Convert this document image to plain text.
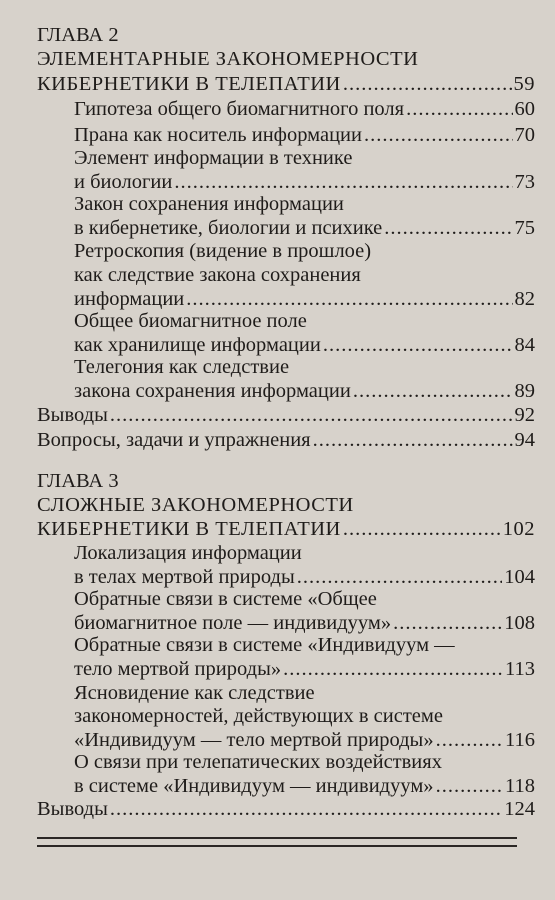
ГЛАВА 2
ЭЛЕМЕНТАРНЫЕ ЗАКОНОМЕРНОСТИ
КИБЕРНЕТИКИ В ТЕЛЕПАТИИ .....	59
Гипотеза общего биомагнитного поля .....	60
Прана как носитель информации .....	70
Элемент информации в технике
и биологии .....	73
Закон сохранения информации
в кибернетике, биологии и психике .....	75
Ретроскопия (видение в прошлое)
как следствие закона сохранения
информации .....	82
Общее биомагнитное поле
как хранилище информации .....	84
Телегония как следствие
закона сохранения информации .....	89
Выводы .....	92
Вопросы, задачи и упражнения .....	94
ГЛАВА 3
СЛОЖНЫЕ ЗАКОНОМЕРНОСТИ
КИБЕРНЕТИКИ В ТЕЛЕПАТИИ .....	102
Локализация информации
в телах мертвой природы .....	104
Обратные связи в системе «Общее
биомагнитное поле — индивидуум» .....	108
Обратные связи в системе «Индивидуум —
тело мертвой природы» .....	113
Ясновидение как следствие
закономерностей, действующих в системе
«Индивидуум — тело мертвой природы» .....	116
О связи при телепатических воздействиях
в системе «Индивидуум — индивидуум» .....	118
Выводы .....	124
